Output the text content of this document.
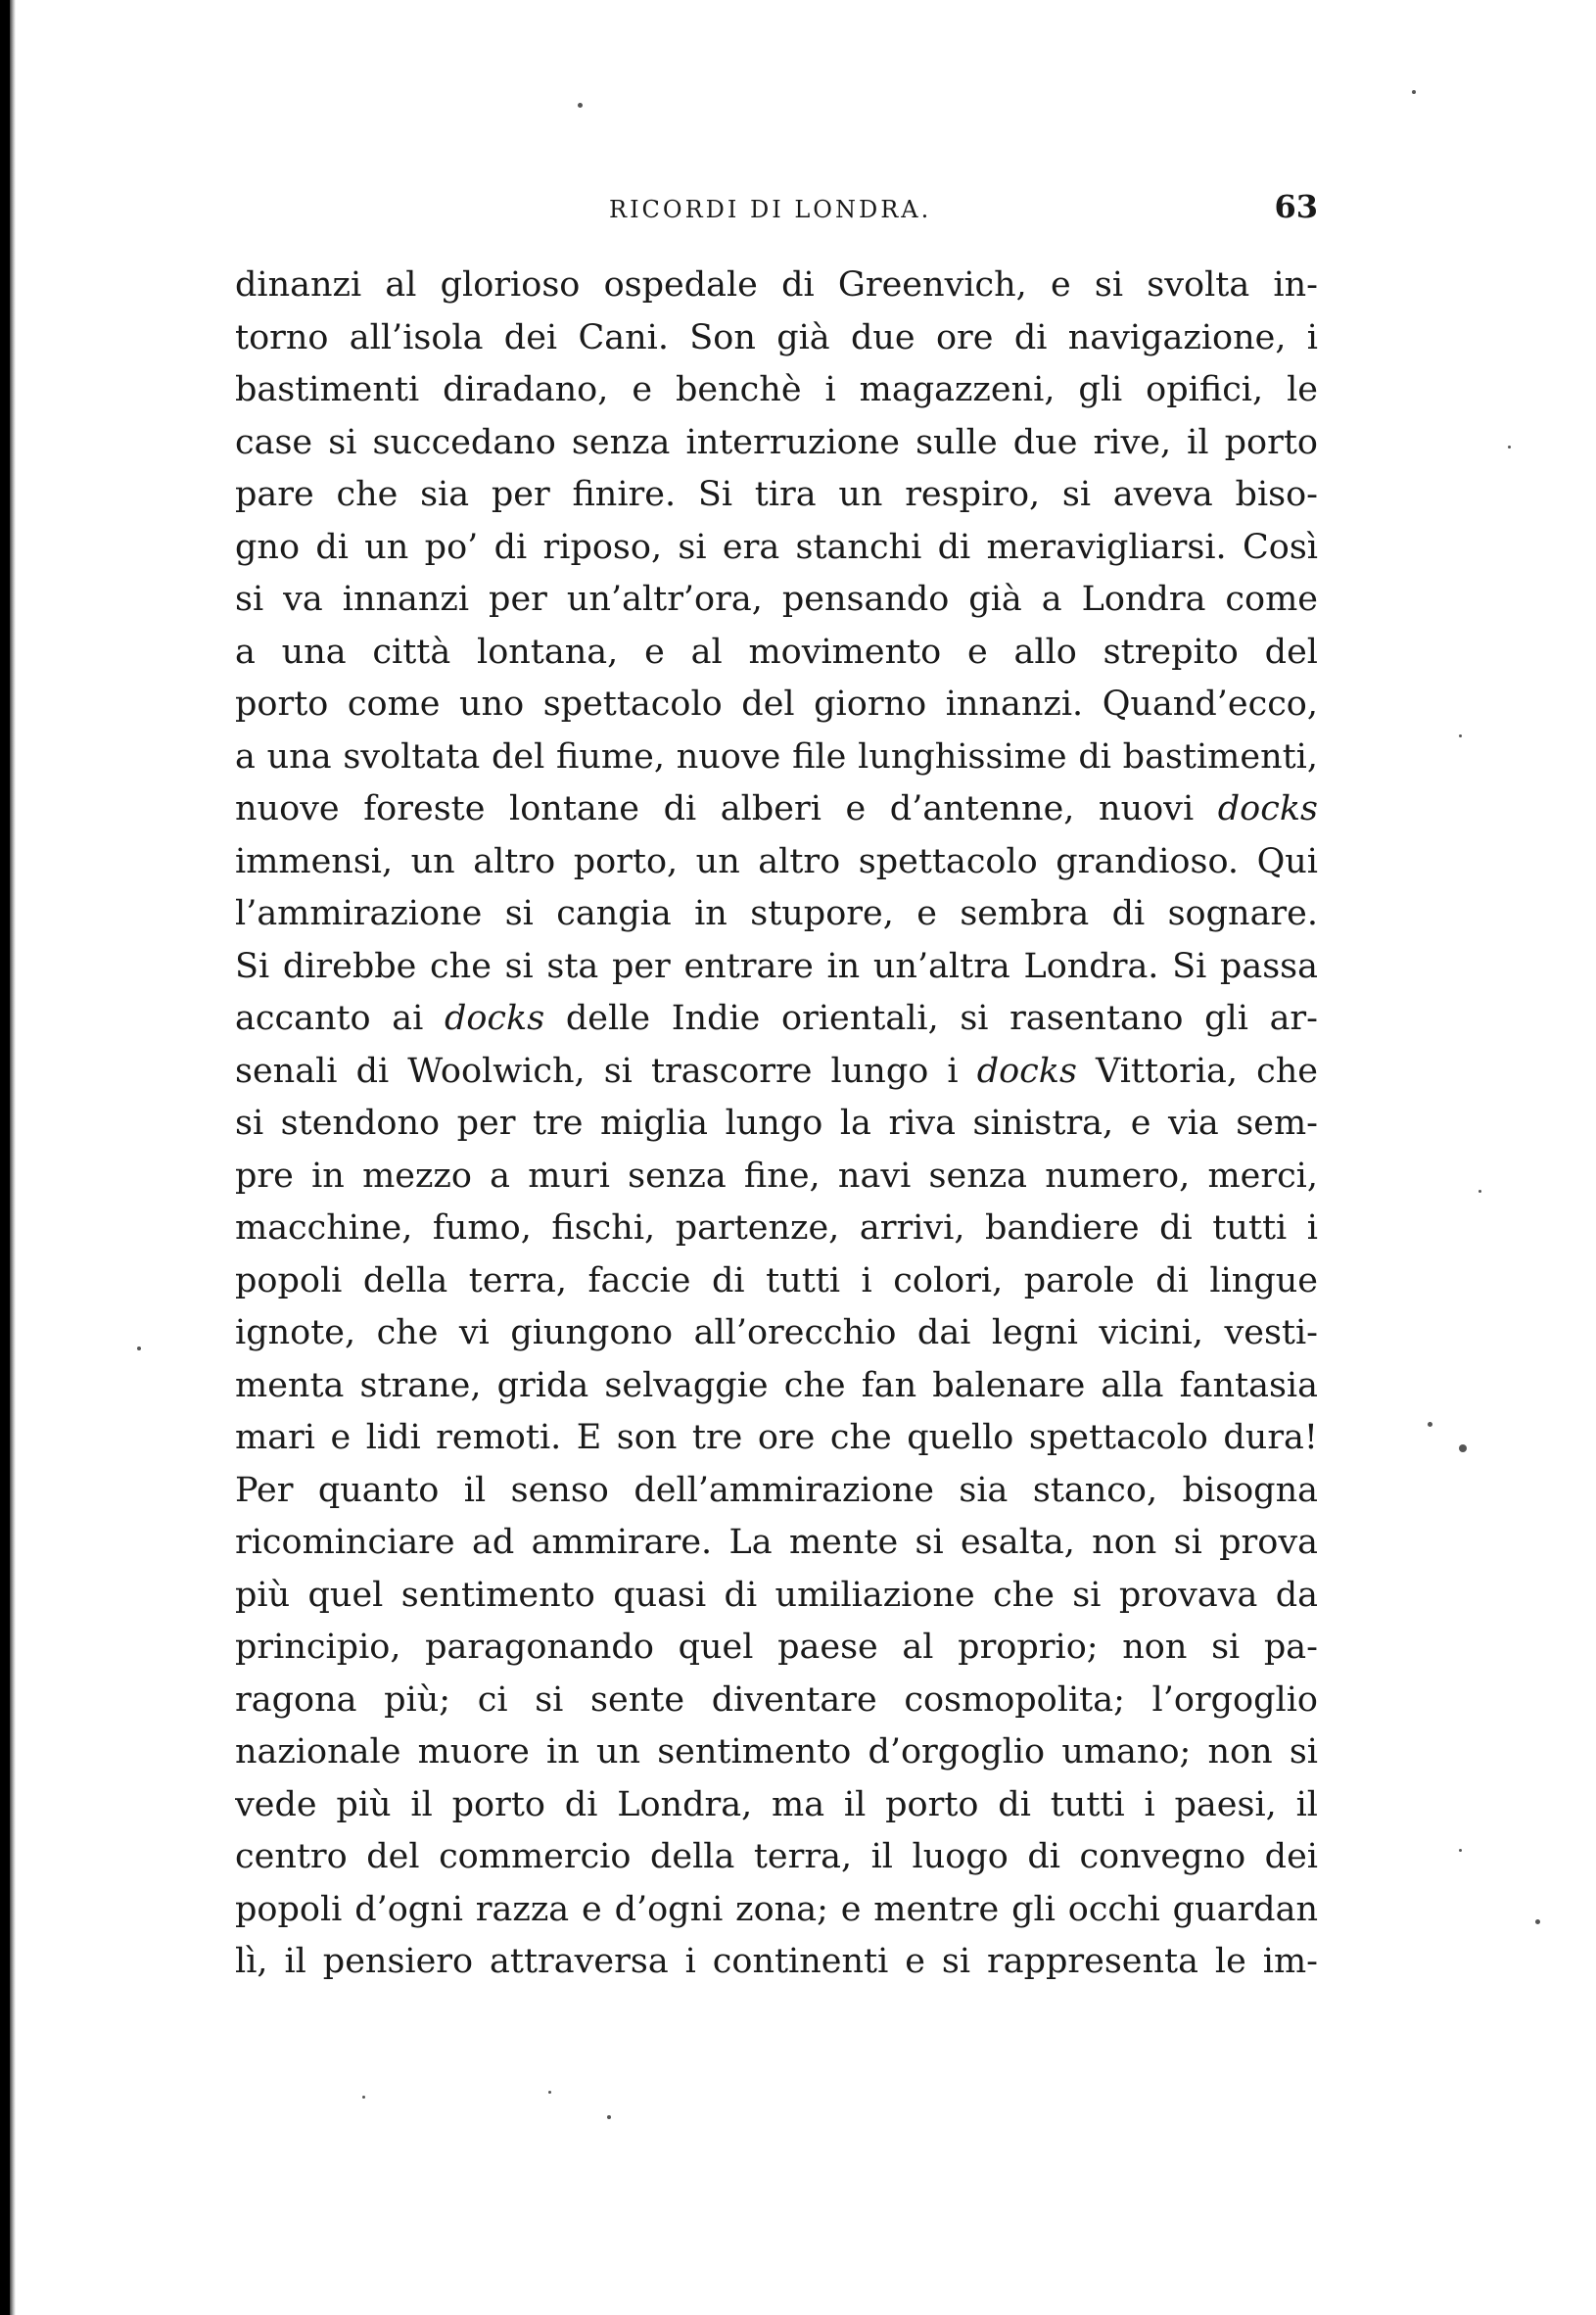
RICORDI DI LONDRA.	63
dinanzi al glorioso ospedale di Greenvich, e si svolta in-
torno all’isola dei Cani. Son già due ore di navigazione, i
bastimenti diradano, e benchè i magazzeni, gli opifici, le
case si succedano senza interruzione sulle due rive, il porto
pare che sia per finire. Si tira un respiro, si aveva biso-
gno di un po’ di riposo, si era stanchi di meravigliarsi. Così
si va innanzi per un’altr’ora, pensando già a Londra come
a una città lontana, e al movimento e allo strepito del
porto come uno spettacolo del giorno innanzi. Quand’ecco,
a una svoltata del fiume, nuove file lunghissime di bastimenti,
nuove foreste lontane di alberi e d’antenne, nuovi docks
immensi, un altro porto, un altro spettacolo grandioso. Qui
l’ammirazione si cangia in stupore, e sembra di sognare.
Si direbbe che si sta per entrare in un’altra Londra. Si passa
accanto ai docks delle Indie orientali, si rasentano gli ar-
senali di Woolwich, si trascorre lungo i docks Vittoria, che
si stendono per tre miglia lungo la riva sinistra, e via sem-
pre in mezzo a muri senza fine, navi senza numero, merci,
macchine, fumo, fischi, partenze, arrivi, bandiere di tutti i
popoli della terra, faccie di tutti i colori, parole di lingue
ignote, che vi giungono all’orecchio dai legni vicini, vesti-
menta strane, grida selvaggie che fan balenare alla fantasia
mari e lidi remoti. E son tre ore che quello spettacolo dura!
Per quanto il senso dell’ammirazione sia stanco, bisogna
ricominciare ad ammirare. La mente si esalta, non si prova
più quel sentimento quasi di umiliazione che si provava da
principio, paragonando quel paese al proprio; non si pa-
ragona più; ci si sente diventare cosmopolita; l’orgoglio
nazionale muore in un sentimento d’orgoglio umano; non si
vede più il porto di Londra, ma il porto di tutti i paesi, il
centro del commercio della terra, il luogo di convegno dei
popoli d’ogni razza e d’ogni zona; e mentre gli occhi guardan
lì, il pensiero attraversa i continenti e si rappresenta le im-
